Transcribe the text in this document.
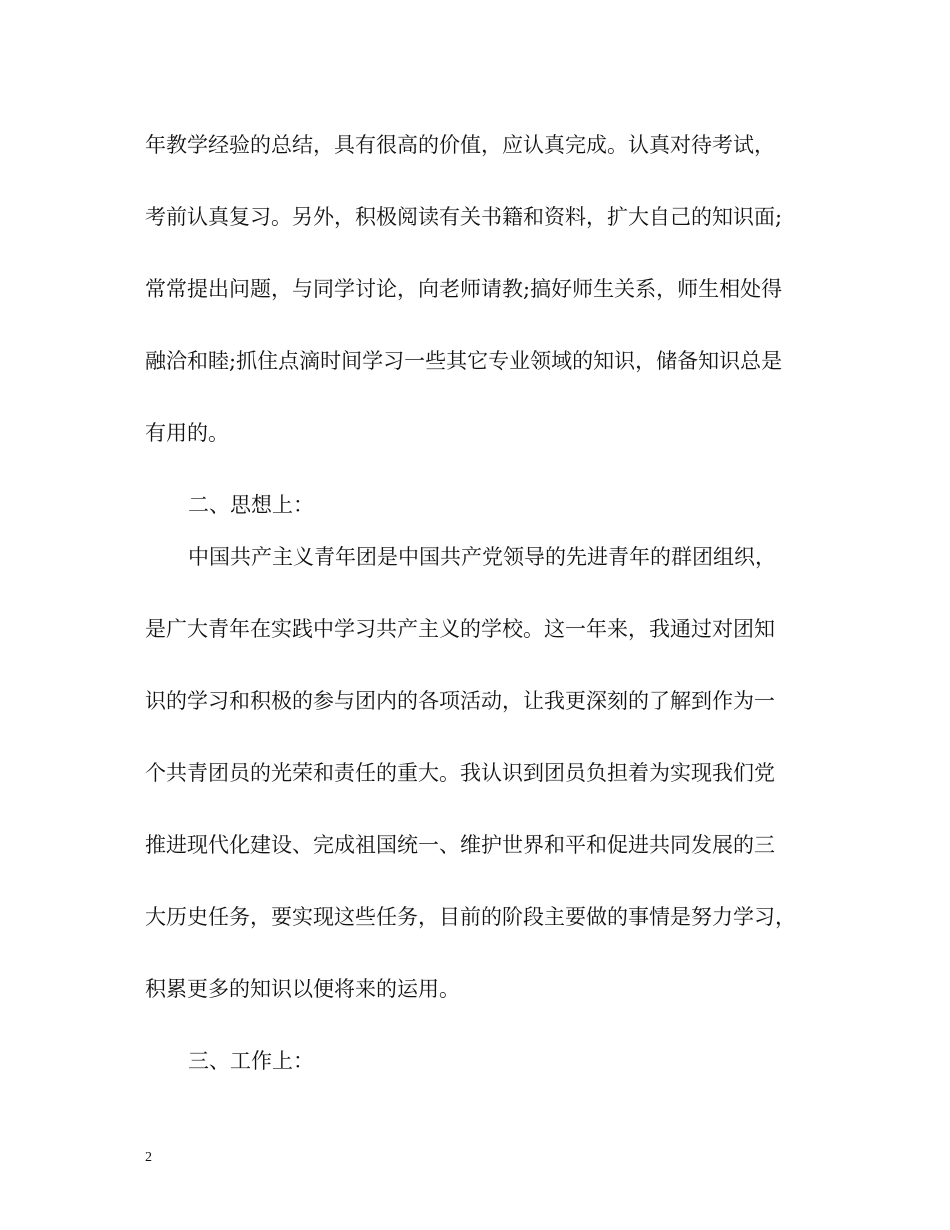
年教学经验的总结，具有很高的价值，应认真完成。认真对待考试，
考前认真复习。另外，积极阅读有关书籍和资料，扩大自己的知识面;
常常提出问题，与同学讨论，向老师请教;搞好师生关系，师生相处得
融洽和睦;抓住点滴时间学习一些其它专业领域的知识，储备知识总是
有用的。
二、思想上：
中国共产主义青年团是中国共产党领导的先进青年的群团组织，
是广大青年在实践中学习共产主义的学校。这一年来，我通过对团知
识的学习和积极的参与团内的各项活动，让我更深刻的了解到作为一
个共青团员的光荣和责任的重大。我认识到团员负担着为实现我们党
推进现代化建设、完成祖国统一、维护世界和平和促进共同发展的三
大历史任务，要实现这些任务，目前的阶段主要做的事情是努力学习，
积累更多的知识以便将来的运用。
三、工作上：
2
